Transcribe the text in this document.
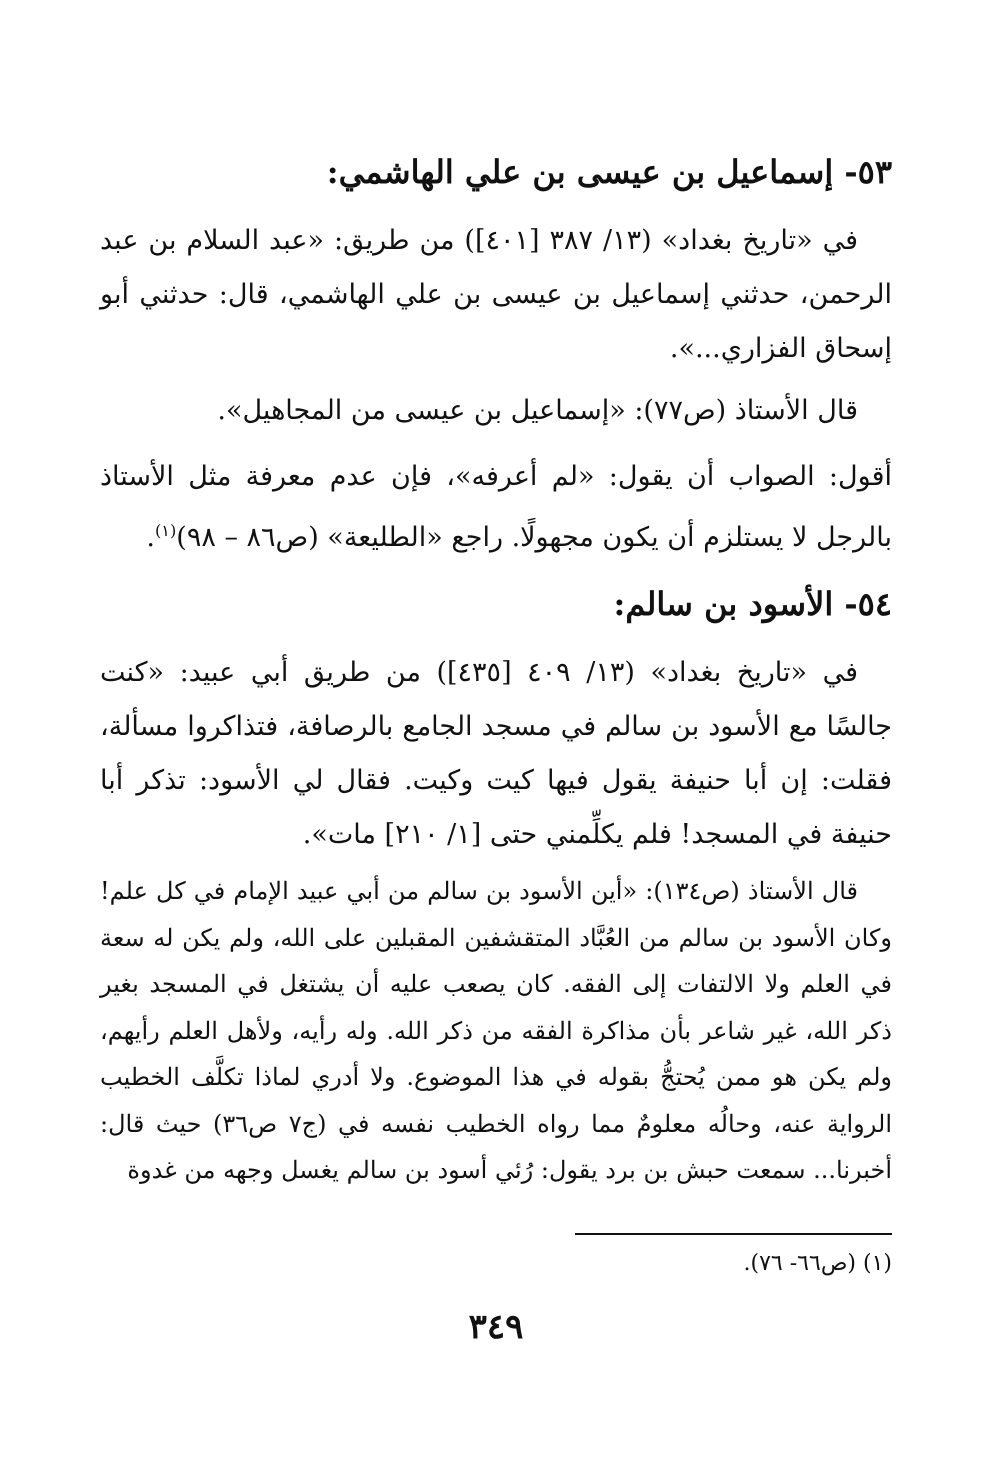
٥٣- إسماعيل بن عيسى بن علي الهاشمي:
في «تاريخ بغداد» (١٣/ ٣٨٧ [٤٠١]) من طريق: «عبد السلام بن عبد الرحمن، حدثني إسماعيل بن عيسى بن علي الهاشمي، قال: حدثني أبو إسحاق الفزاري...».
قال الأستاذ (ص٧٧): «إسماعيل بن عيسى من المجاهيل».
أقول: الصواب أن يقول: «لم أعرفه»، فإن عدم معرفة مثل الأستاذ بالرجل لا يستلزم أن يكون مجهولًا. راجع «الطليعة» (ص٨٦ – ٩٨)$^{(١)}$.
٥٤- الأسود بن سالم:
في «تاريخ بغداد» (١٣/ ٤٠٩ [٤٣٥]) من طريق أبي عبيد: «كنت جالسًا مع الأسود بن سالم في مسجد الجامع بالرصافة، فتذاكروا مسألة، فقلت: إن أبا حنيفة يقول فيها كيت وكيت. فقال لي الأسود: تذكر أبا حنيفة في المسجد! فلم يكلِّمني حتى [١/ ٢١٠] مات».
قال الأستاذ (ص١٣٤): «أين الأسود بن سالم من أبي عبيد الإمام في كل علم! وكان الأسود بن سالم من العُبَّاد المتقشفين المقبلين على الله، ولم يكن له سعة في العلم ولا الالتفات إلى الفقه. كان يصعب عليه أن يشتغل في المسجد بغير ذكر الله، غير شاعر بأن مذاكرة الفقه من ذكر الله. وله رأيه، ولأهل العلم رأيهم، ولم يكن هو ممن يُحتجُّ بقوله في هذا الموضوع. ولا أدري لماذا تكلَّف الخطيب الرواية عنه، وحالُه معلومٌ مما رواه الخطيب نفسه في (ج٧ ص٣٦) حيث قال: أخبرنا... سمعت حبش بن برد يقول: رُئي أسود بن سالم يغسل وجهه من غدوة
(١) (ص٦٦- ٧٦).
٣٤٩
